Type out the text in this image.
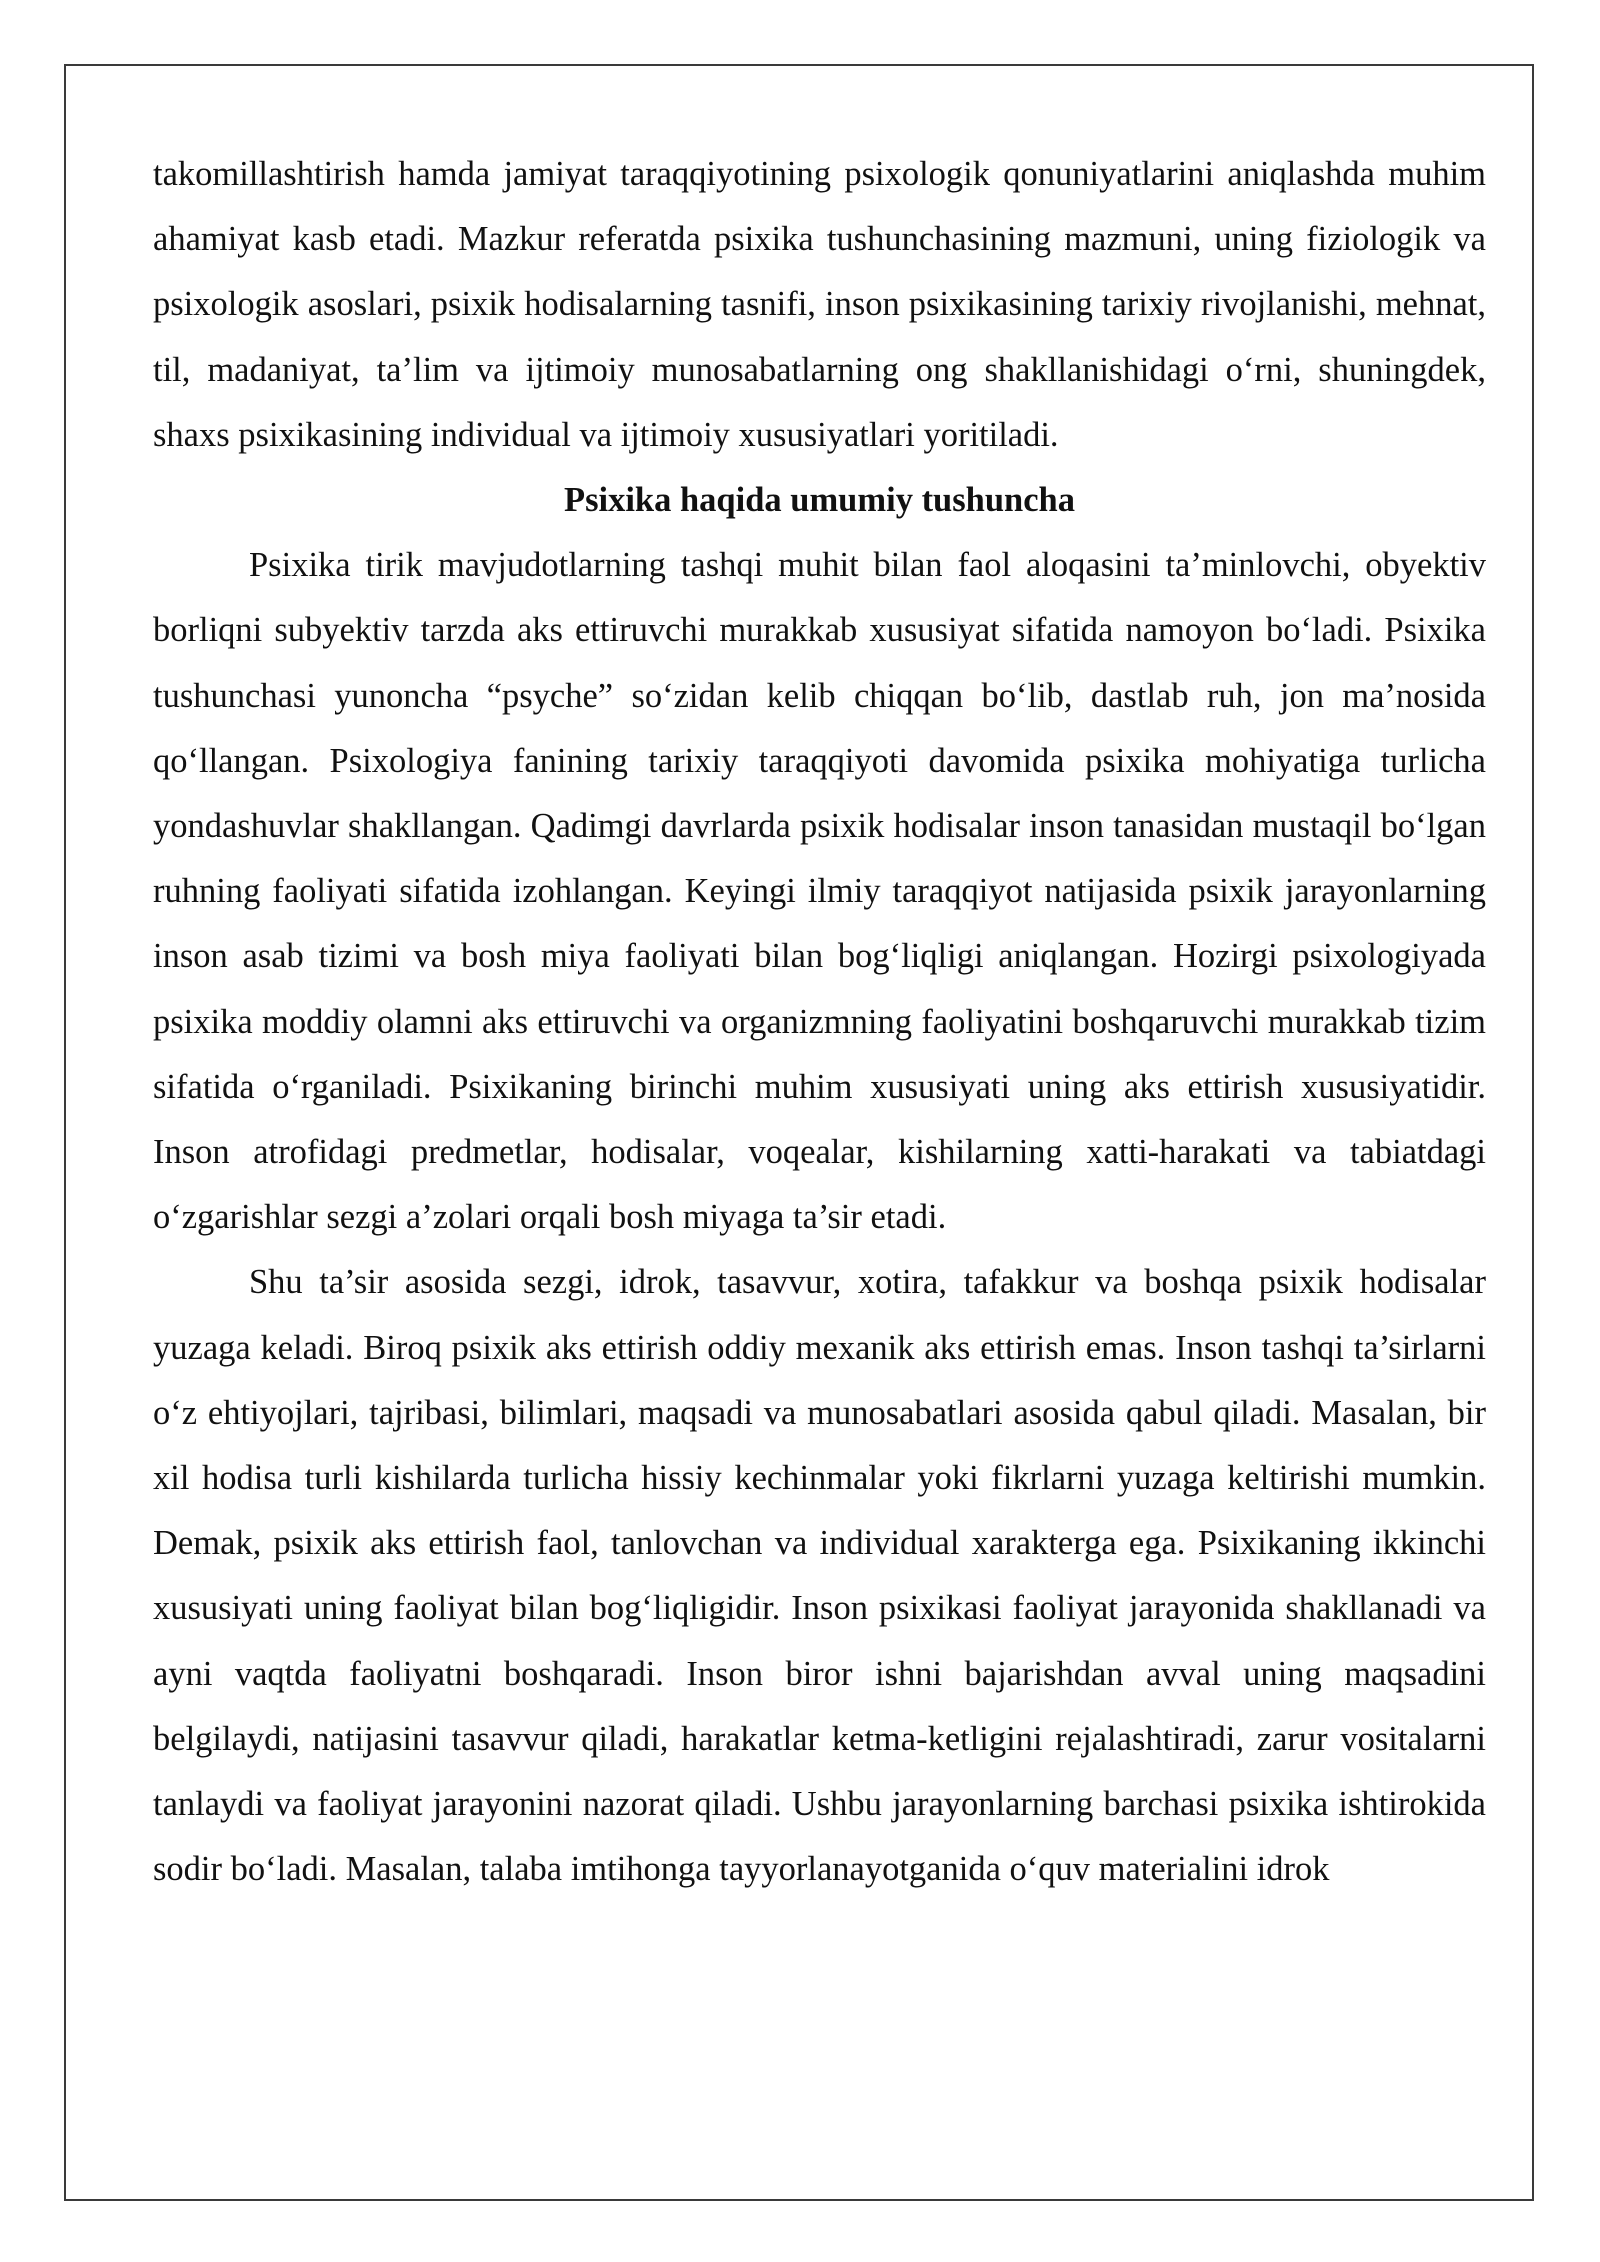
takomillashtirish hamda jamiyat taraqqiyotining psixologik qonuniyatlarini aniqlashda muhim ahamiyat kasb etadi. Mazkur referatda psixika tushunchasining mazmuni, uning fiziologik va psixologik asoslari, psixik hodisalarning tasnifi, inson psixikasining tarixiy rivojlanishi, mehnat, til, madaniyat, ta’lim va ijtimoiy munosabatlarning ong shakllanishidagi o‘rni, shuningdek, shaxs psixikasining individual va ijtimoiy xususiyatlari yoritiladi.

Psixika haqida umumiy tushuncha

Psixika tirik mavjudotlarning tashqi muhit bilan faol aloqasini ta’minlovchi, obyektiv borliqni subyektiv tarzda aks ettiruvchi murakkab xususiyat sifatida namoyon bo‘ladi. Psixika tushunchasi yunoncha “psyche” so‘zidan kelib chiqqan bo‘lib, dastlab ruh, jon ma’nosida qo‘llangan. Psixologiya fanining tarixiy taraqqiyoti davomida psixika mohiyatiga turlicha yondashuvlar shakllangan. Qadimgi davrlarda psixik hodisalar inson tanasidan mustaqil bo‘lgan ruhning faoliyati sifatida izohlangan. Keyingi ilmiy taraqqiyot natijasida psixik jarayonlarning inson asab tizimi va bosh miya faoliyati bilan bog‘liqligi aniqlangan. Hozirgi psixologiyada psixika moddiy olamni aks ettiruvchi va organizmning faoliyatini boshqaruvchi murakkab tizim sifatida o‘rganiladi. Psixikaning birinchi muhim xususiyati uning aks ettirish xususiyatidir. Inson atrofidagi predmetlar, hodisalar, voqealar, kishilarning xatti-harakati va tabiatdagi o‘zgarishlar sezgi a’zolari orqali bosh miyaga ta’sir etadi.

Shu ta’sir asosida sezgi, idrok, tasavvur, xotira, tafakkur va boshqa psixik hodisalar yuzaga keladi. Biroq psixik aks ettirish oddiy mexanik aks ettirish emas. Inson tashqi ta’sirlarni o‘z ehtiyojlari, tajribasi, bilimlari, maqsadi va munosabatlari asosida qabul qiladi. Masalan, bir xil hodisa turli kishilarda turlicha hissiy kechinmalar yoki fikrlarni yuzaga keltirishi mumkin. Demak, psixik aks ettirish faol, tanlovchan va individual xarakterga ega. Psixikaning ikkinchi xususiyati uning faoliyat bilan bog‘liqligidir. Inson psixikasi faoliyat jarayonida shakllanadi va ayni vaqtda faoliyatni boshqaradi. Inson biror ishni bajarishdan avval uning maqsadini belgilaydi, natijasini tasavvur qiladi, harakatlar ketma-ketligini rejalashtiradi, zarur vositalarni tanlaydi va faoliyat jarayonini nazorat qiladi. Ushbu jarayonlarning barchasi psixika ishtirokida sodir bo‘ladi. Masalan, talaba imtihonga tayyorlanayotganida o‘quv materialini idrok
